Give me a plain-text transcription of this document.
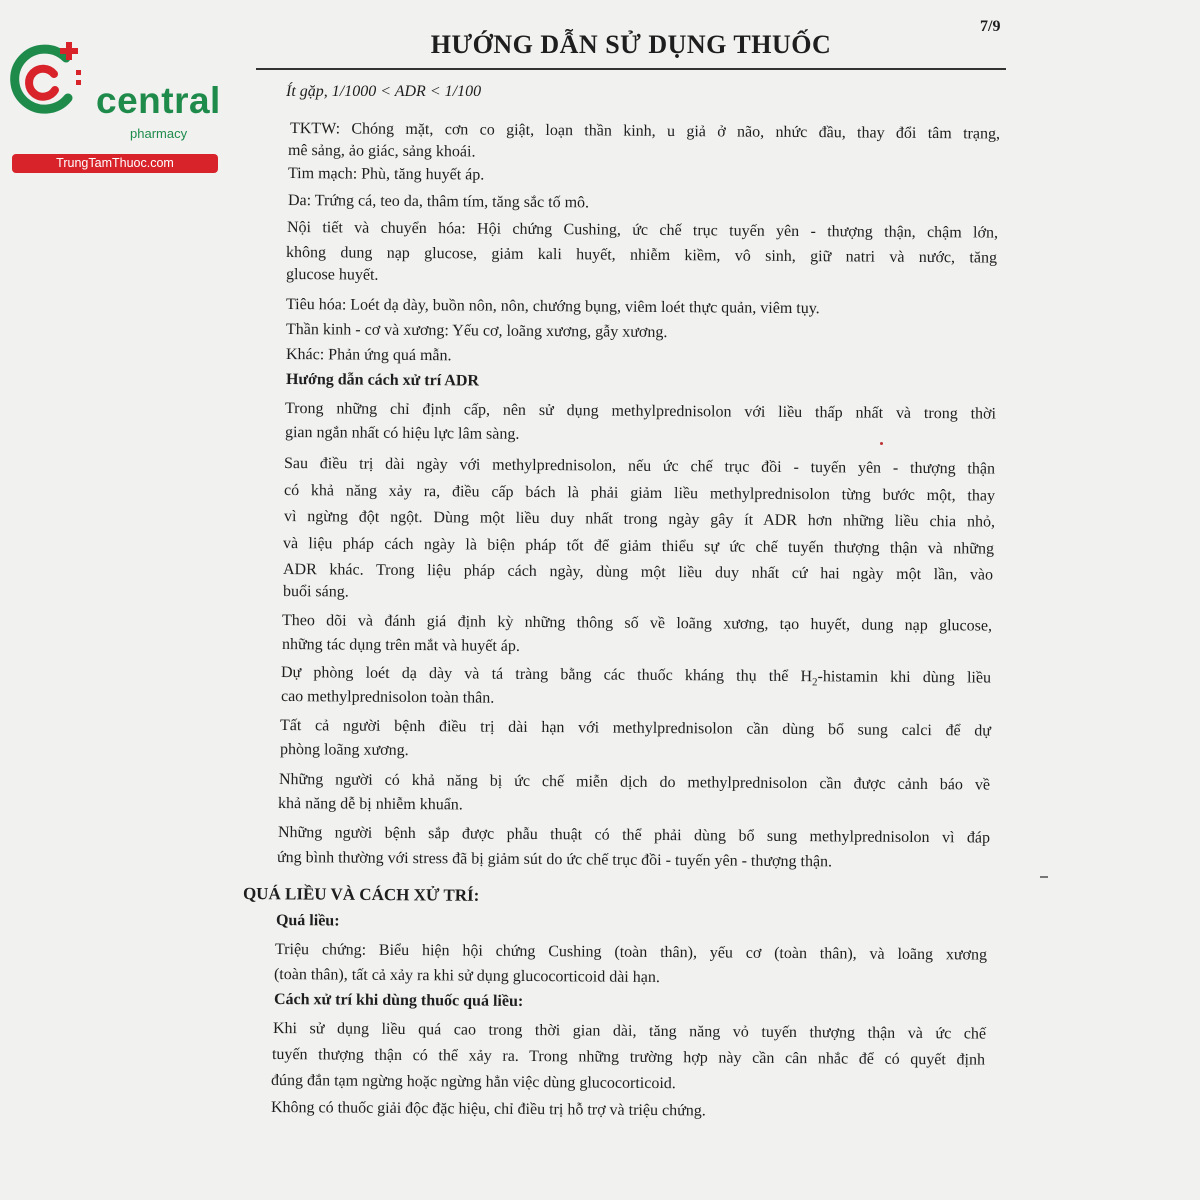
central
pharmacy
TrungTamThuoc.com
7/9
HƯỚNG DẪN SỬ DỤNG THUỐC
Ít gặp, 1/1000 < ADR < 1/100
TKTW: Chóng mặt, cơn co giật, loạn thần kinh, u giả ở não, nhức đầu, thay đổi tâm trạng,
mê sảng, ảo giác, sảng khoái.
Tim mạch: Phù, tăng huyết áp.
Da: Trứng cá, teo da, thâm tím, tăng sắc tố mô.
Nội tiết và chuyển hóa: Hội chứng Cushing, ức chế trục tuyến yên - thượng thận, chậm lớn,
không dung nạp glucose, giảm kali huyết, nhiễm kiềm, vô sinh, giữ natri và nước, tăng
glucose huyết.
Tiêu hóa: Loét dạ dày, buồn nôn, nôn, chướng bụng, viêm loét thực quản, viêm tụy.
Thần kinh - cơ và xương: Yếu cơ, loãng xương, gẫy xương.
Khác: Phản ứng quá mẫn.
Hướng dẫn cách xử trí ADR
Trong những chỉ định cấp, nên sử dụng methylprednisolon với liều thấp nhất và trong thời
gian ngắn nhất có hiệu lực lâm sàng.
Sau điều trị dài ngày với methylprednisolon, nếu ức chế trục đồi - tuyến yên - thượng thận
có khả năng xảy ra, điều cấp bách là phải giảm liều methylprednisolon từng bước một, thay
vì ngừng đột ngột. Dùng một liều duy nhất trong ngày gây ít ADR hơn những liều chia nhỏ,
và liệu pháp cách ngày là biện pháp tốt để giảm thiểu sự ức chế tuyến thượng thận và những
ADR khác. Trong liệu pháp cách ngày, dùng một liều duy nhất cứ hai ngày một lần, vào
buổi sáng.
Theo dõi và đánh giá định kỳ những thông số về loãng xương, tạo huyết, dung nạp glucose,
những tác dụng trên mắt và huyết áp.
Dự phòng loét dạ dày và tá tràng bằng các thuốc kháng thụ thể $H_2$-histamin khi dùng liều
cao methylprednisolon toàn thân.
Tất cả người bệnh điều trị dài hạn với methylprednisolon cần dùng bổ sung calci để dự
phòng loãng xương.
Những người có khả năng bị ức chế miễn dịch do methylprednisolon cần được cảnh báo về
khả năng dễ bị nhiễm khuẩn.
Những người bệnh sắp được phẫu thuật có thể phải dùng bổ sung methylprednisolon vì đáp
ứng bình thường với stress đã bị giảm sút do ức chế trục đồi - tuyến yên - thượng thận.
QUÁ LIỀU VÀ CÁCH XỬ TRÍ:
Quá liều:
Triệu chứng: Biểu hiện hội chứng Cushing (toàn thân), yếu cơ (toàn thân), và loãng xương
(toàn thân), tất cả xảy ra khi sử dụng glucocorticoid dài hạn.
Cách xử trí khi dùng thuốc quá liều:
Khi sử dụng liều quá cao trong thời gian dài, tăng năng vỏ tuyến thượng thận và ức chế
tuyến thượng thận có thể xảy ra. Trong những trường hợp này cần cân nhắc để có quyết định
đúng đắn tạm ngừng hoặc ngừng hẳn việc dùng glucocorticoid.
Không có thuốc giải độc đặc hiệu, chỉ điều trị hỗ trợ và triệu chứng.
